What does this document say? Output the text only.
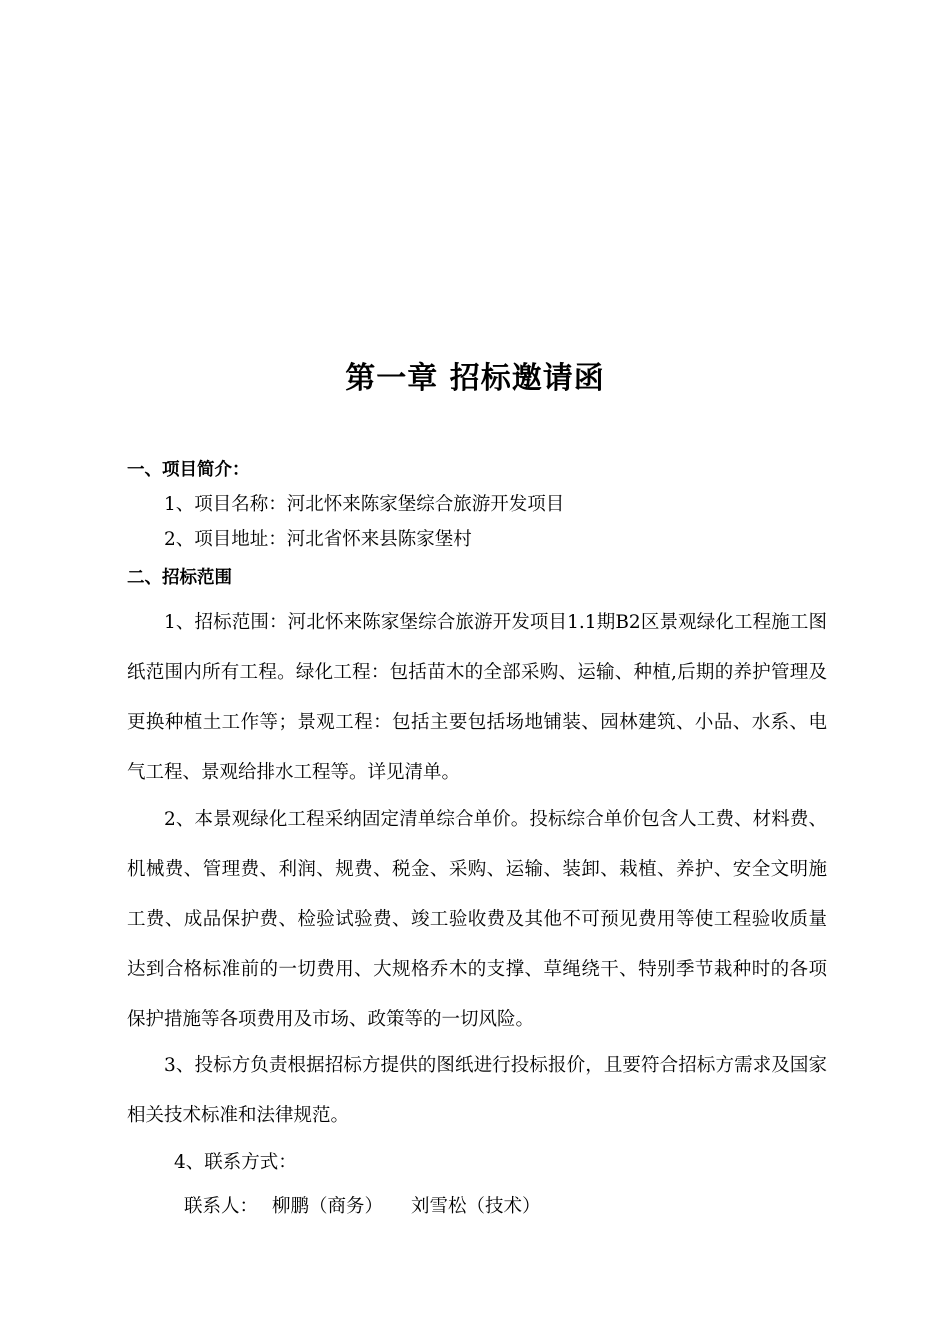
第一章 招标邀请函
一、项目简介：
1、项目名称：河北怀来陈家堡综合旅游开发项目
2、项目地址：河北省怀来县陈家堡村
二、招标范围
1、招标范围：河北怀来陈家堡综合旅游开发项目1.1期B2区景观绿化工程施工图纸范围内所有工程。绿化工程：包括苗木的全部采购、运输、种植,后期的养护管理及更换种植土工作等；景观工程：包括主要包括场地铺装、园林建筑、小品、水系、电气工程、景观给排水工程等。详见清单。
2、本景观绿化工程采纳固定清单综合单价。投标综合单价包含人工费、材料费、机械费、管理费、利润、规费、税金、采购、运输、装卸、栽植、养护、安全文明施工费、成品保护费、检验试验费、竣工验收费及其他不可预见费用等使工程验收质量达到合格标准前的一切费用、大规格乔木的支撑、草绳绕干、特别季节栽种时的各项保护措施等各项费用及市场、政策等的一切风险。
3、投标方负责根据招标方提供的图纸进行投标报价，且要符合招标方需求及国家相关技术标准和法律规范。
4、联系方式：
联系人： 柳鹏（商务） 刘雪松（技术）
